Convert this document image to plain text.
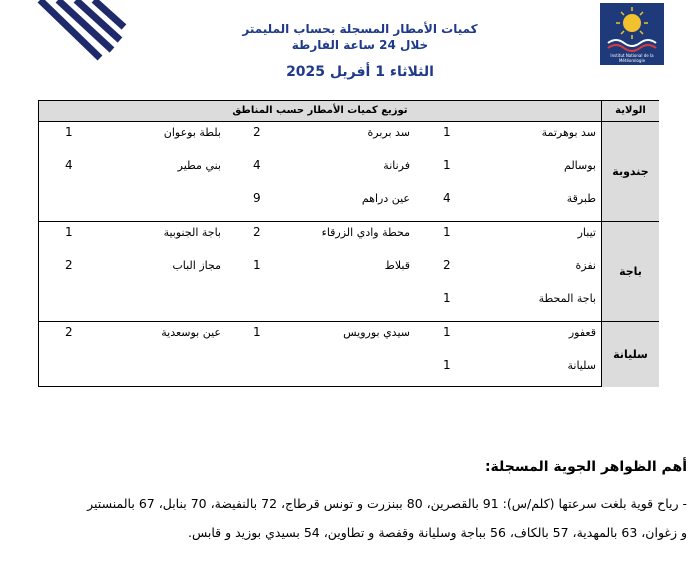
Institut National de la Météorologie
كميات الأمطار المسجلة بحساب المليمتر
خلال 24 ساعة الفارطة
الثلاثاء 1 أفريل 2025
توزيع كميات الأمطار حسب المناطق	الولاية
جندوبة
باجة
سليانة
سد بوهرتمة
1
سد بربرة
2
بلطة بوعوان
1
بوسالم
1
فرنانة
4
بني مطير
4
طبرقة
4
عين دراهم
9
تيبار
1
محطة وادي الزرقاء
2
باجة الجنوبية
1
نفزة
2
قبلاط
1
مجاز الباب
2
باجة المحطة
1
قعفور
1
سيدي بورويس
1
عين بوسعدية
2
سليانة
1
أهم الظواهر الجوية المسجلة:
- رياح قوية بلغت سرعتها (كلم/س): 91 بالقصرين، 80 ببنزرت و تونس قرطاج، 72 بالنفيضة، 70 بنابل، 67 بالمنستير و زغوان، 63 بالمهدية، 57 بالكاف، 56 بباجة وسليانة وقفصة و تطاوين، 54 بسيدي بوزيد و قابس.
